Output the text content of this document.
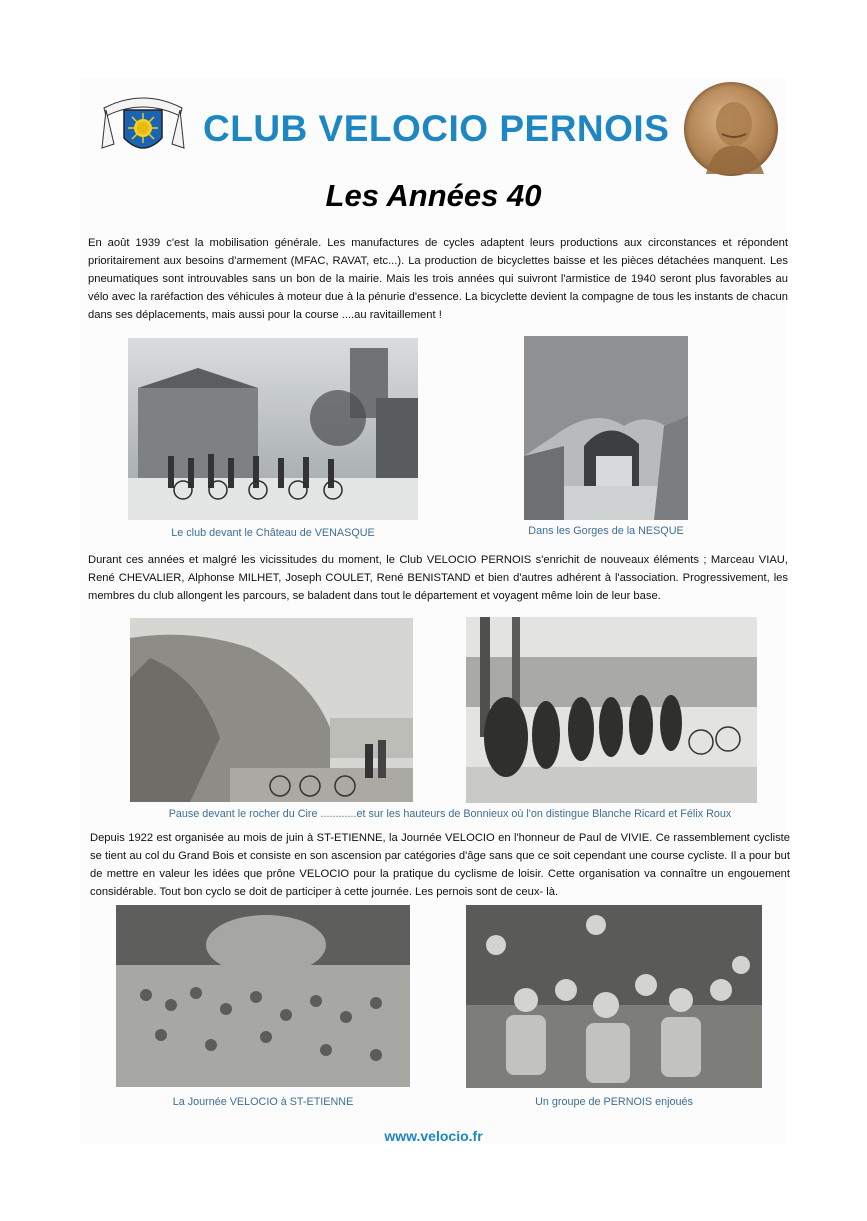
CLUB VELOCIO PERNOIS
Les Années 40
En août 1939 c'est la mobilisation générale. Les manufactures de cycles adaptent leurs productions aux circonstances et répondent prioritairement aux besoins d'armement (MFAC, RAVAT, etc...). La production de bicyclettes baisse et les pièces détachées manquent. Les pneumatiques sont introuvables sans un bon de la mairie. Mais les trois années qui suivront l'armistice de 1940 seront plus favorables au vélo avec la raréfaction des véhicules à moteur due à la pénurie d'essence. La bicyclette devient la compagne de tous les instants de chacun dans ses déplacements, mais aussi pour la course ....au ravitaillement !
Le club devant le Château de VENASQUE	Dans les Gorges de la NESQUE
Durant ces années et malgré les vicissitudes du moment, le Club VELOCIO PERNOIS s'enrichit de nouveaux éléments ; Marceau VIAU, René CHEVALIER, Alphonse MILHET, Joseph COULET, René BENISTAND et bien d'autres adhérent à l'association. Progressivement, les membres du club allongent les parcours, se baladent dans tout le département et voyagent même loin de leur base.
Pause devant le rocher du Cire ............et sur les hauteurs de Bonnieux où l'on distingue Blanche Ricard et Félix Roux
Depuis 1922 est organisée au mois de juin à ST-ETIENNE, la Journée VELOCIO en l'honneur de Paul de VIVIE. Ce rassemblement cycliste se tient au col du Grand Bois et consiste en son ascension par catégories d'âge sans que ce soit cependant une course cycliste. Il a pour but de mettre en valeur les idées que prône VELOCIO pour la pratique du cyclisme de loisir. Cette organisation va connaître un engouement considérable. Tout bon cyclo se doit de participer à cette journée. Les pernois sont de ceux- là.
La Journée VELOCIO à ST-ETIENNE	Un groupe de PERNOIS enjoués
www.velocio.fr
